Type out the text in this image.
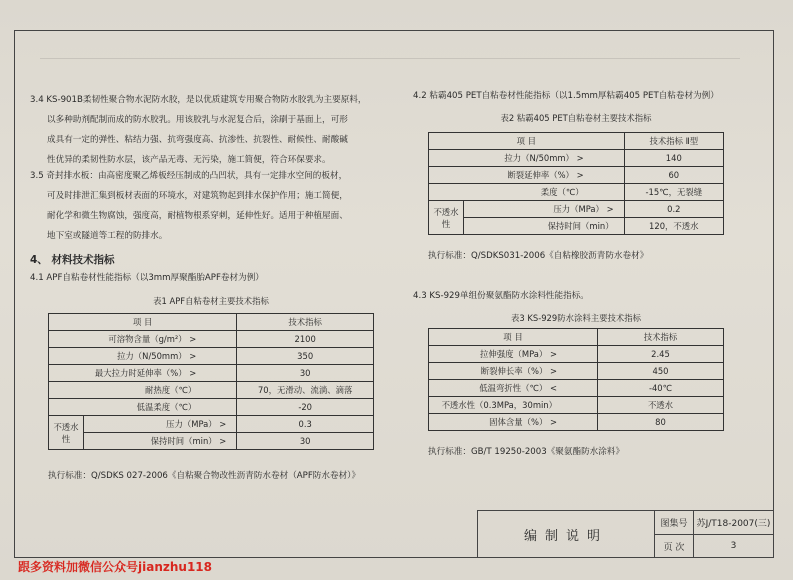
3.4 KS-901B柔韧性聚合物水泥防水胶，是以优质建筑专用聚合物防水胶乳为主要原料，
以多种助剂配制而成的防水胶乳。用该胶乳与水泥复合后，涂刷于基面上，可形
成具有一定的弹性、粘结力强、抗弯强度高、抗渗性、抗裂性、耐候性、耐酸碱
性优异的柔韧性防水层，该产品无毒、无污染，施工简便，符合环保要求。
3.5 奇封排水板：由高密度聚乙烯板经压制成的凸凹状，具有一定排水空间的板材，
可及时排泄汇集到板材表面的环境水，对建筑物起到排水保护作用；施工简便，
耐化学和微生物腐蚀，强度高，耐植物根系穿刺，延伸性好。适用于种植屋面、
地下室或隧道等工程的防排水。
4、 材料技术指标
4.1 APF自粘卷材性能指标（以3mm厚聚酯胎APF卷材为例）
表1 APF自粘卷材主要技术指标
项 目		技术指标
可溶物含量（g/m²） >		2100
拉力（N/50mm） >		350
最大拉力时延伸率（%） >		30
耐热度（℃）		70，无滑动、流淌、滴落
低温柔度（℃）		-20
不透水性	压力（MPa） >	0.3
	保持时间（min） >	30
执行标准：Q/SDKS 027-2006《自粘聚合物改性沥青防水卷材（APF防水卷材）》
4.2 粘霸405 PET自粘卷材性能指标（以1.5mm厚粘霸405 PET自粘卷材为例）
表2 粘霸405 PET自粘卷材主要技术指标
项 目		技术指标 Ⅱ型
拉力（N/50mm） >		140
断裂延伸率（%） >		60
柔度（℃）		-15℃，无裂缝
不透水性	压力（MPa） >	0.2
	保持时间（min）	120，不透水
执行标准：Q/SDKS031-2006《自粘橡胶沥青防水卷材》
4.3 KS-929单组份聚氨酯防水涂料性能指标。
表3 KS-929防水涂料主要技术指标
项 目	技术指标
拉伸强度（MPa） >	2.45
断裂伸长率（%） >	450
低温弯折性（℃） <	-40℃
不透水性（0.3MPa，30min）	不透水
固体含量（%） >	80
执行标准：GB/T 19250-2003《聚氨酯防水涂料》
编制说明
图集号	苏J/T18-2007(三)
页 次	3
跟多资料加微信公众号jianzhu118
